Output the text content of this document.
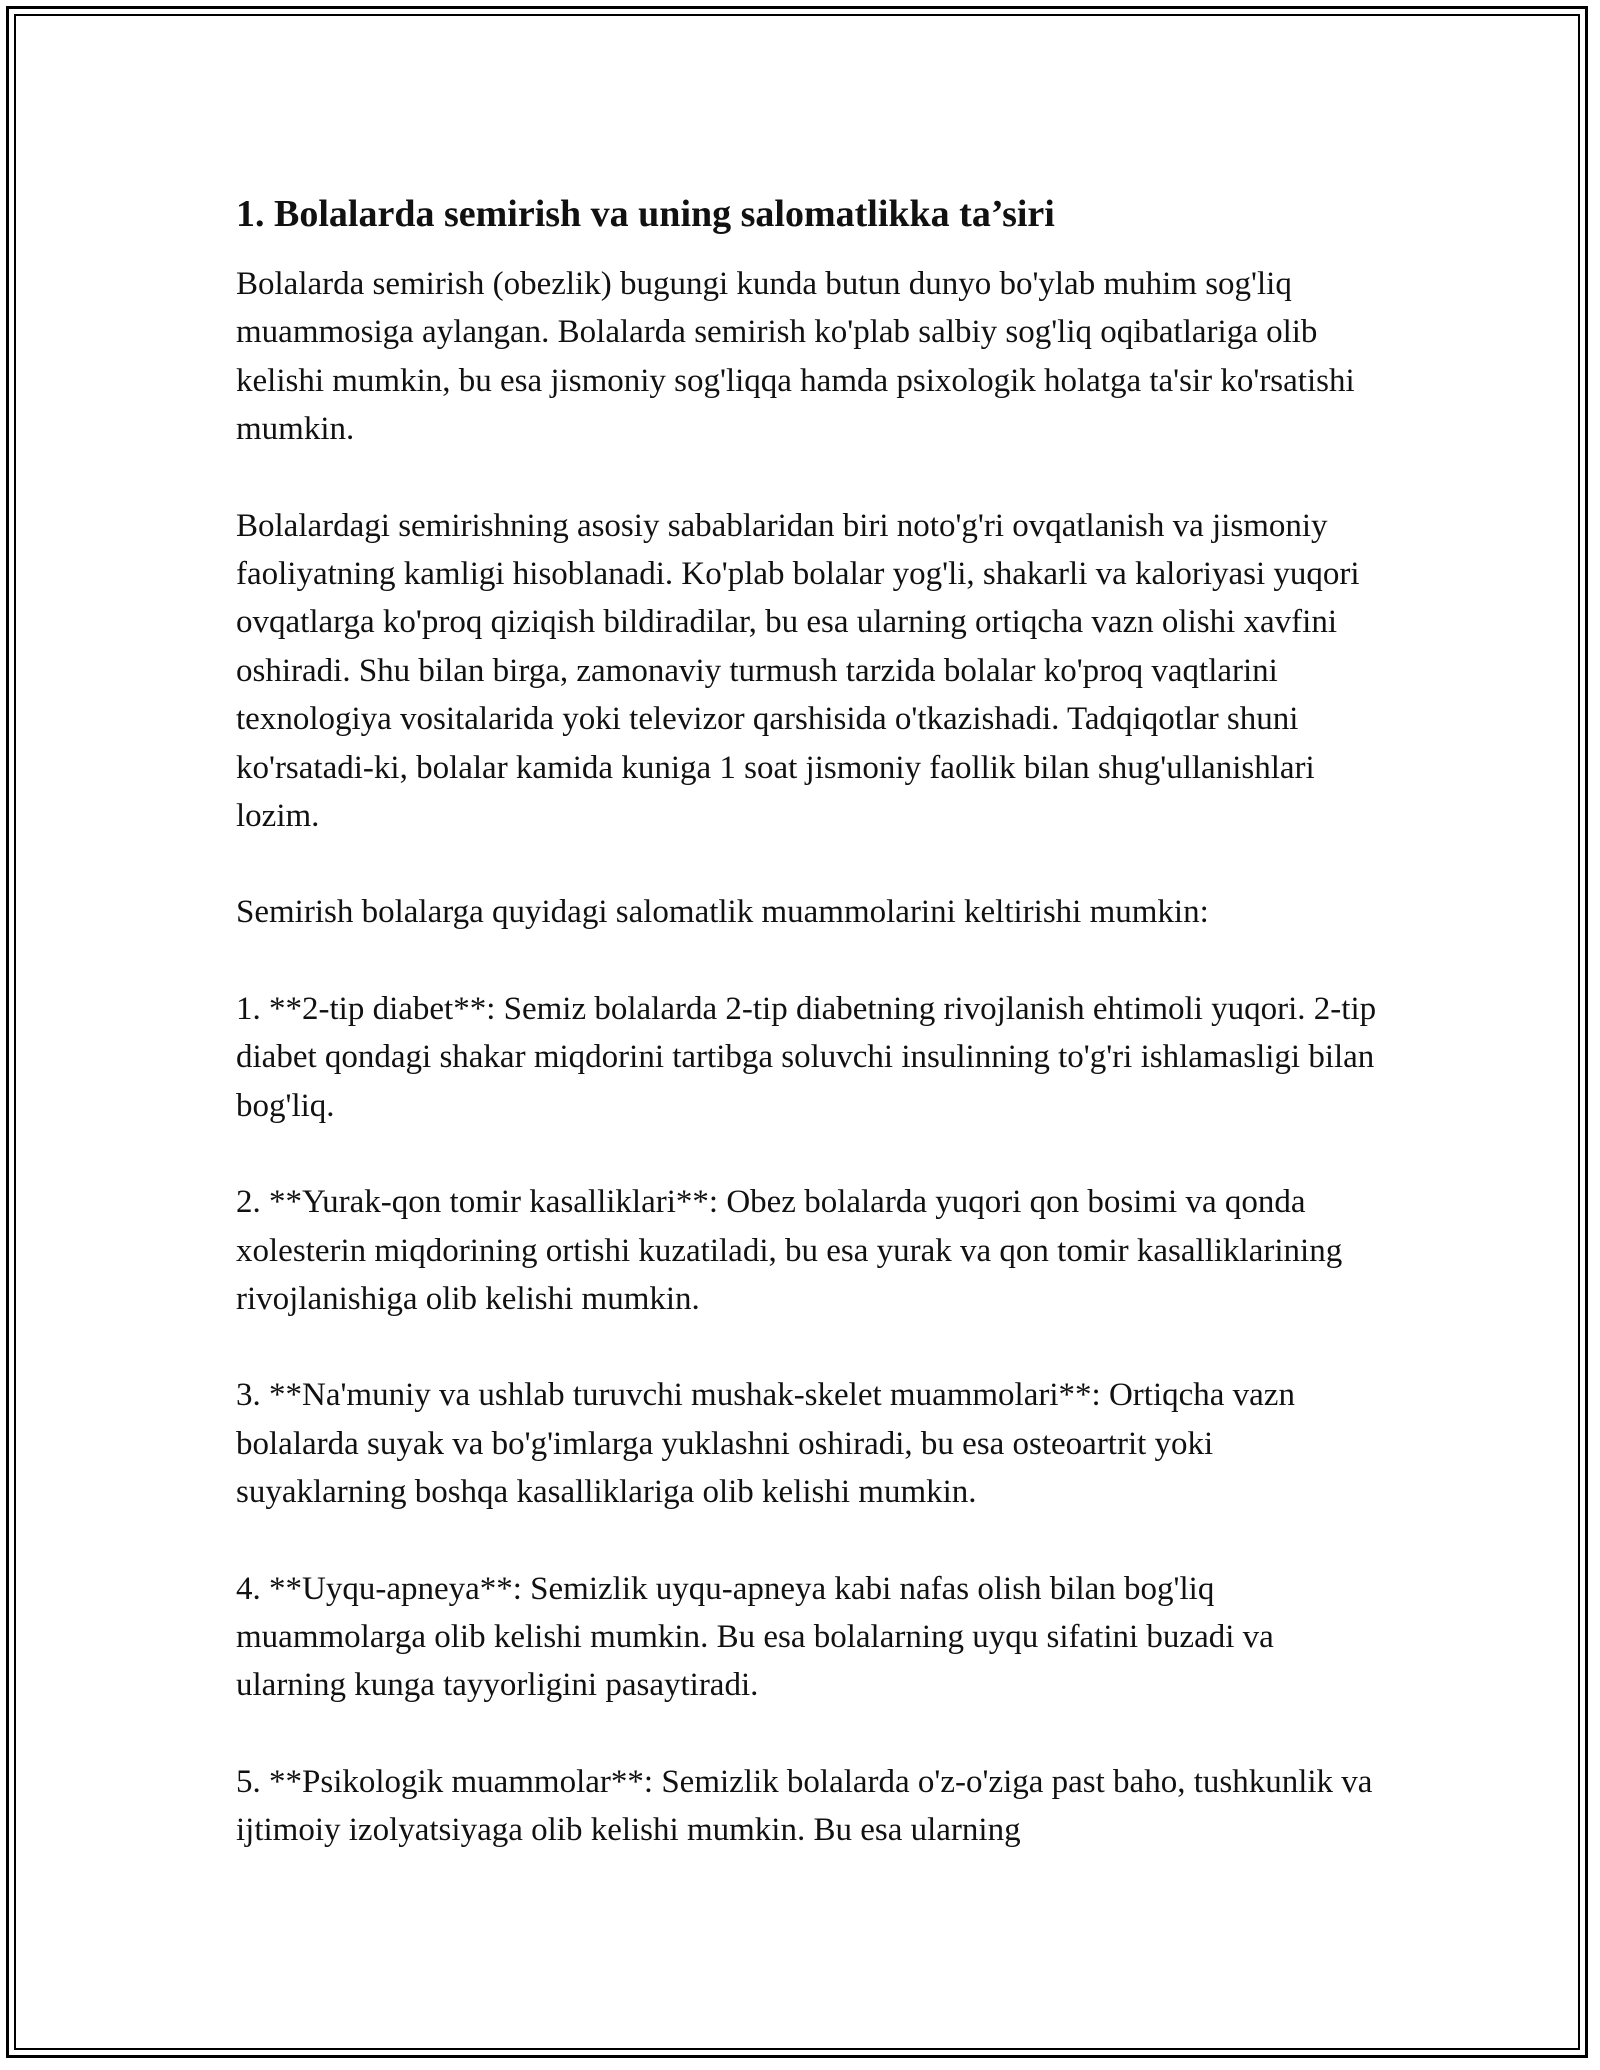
1. Bolalarda semirish va uning salomatlikka ta’siri

Bolalarda semirish (obezlik) bugungi kunda butun dunyo bo'ylab muhim sog'liq muammosiga aylangan. Bolalarda semirish ko'plab salbiy sog'liq oqibatlariga olib kelishi mumkin, bu esa jismoniy sog'liqqa hamda psixologik holatga ta'sir ko'rsatishi mumkin.

Bolalardagi semirishning asosiy sabablaridan biri noto'g'ri ovqatlanish va jismoniy faoliyatning kamligi hisoblanadi. Ko'plab bolalar yog'li, shakarli va kaloriyasi yuqori ovqatlarga ko'proq qiziqish bildiradilar, bu esa ularning ortiqcha vazn olishi xavfini oshiradi. Shu bilan birga, zamonaviy turmush tarzida bolalar ko'proq vaqtlarini texnologiya vositalarida yoki televizor qarshisida o'tkazishadi. Tadqiqotlar shuni ko'rsatadi-ki, bolalar kamida kuniga 1 soat jismoniy faollik bilan shug'ullanishlari lozim.

Semirish bolalarga quyidagi salomatlik muammolarini keltirishi mumkin:

1. **2-tip diabet**: Semiz bolalarda 2-tip diabetning rivojlanish ehtimoli yuqori. 2-tip diabet qondagi shakar miqdorini tartibga soluvchi insulinning to'g'ri ishlamasligi bilan bog'liq.

2. **Yurak-qon tomir kasalliklari**: Obez bolalarda yuqori qon bosimi va qonda xolesterin miqdorining ortishi kuzatiladi, bu esa yurak va qon tomir kasalliklarining rivojlanishiga olib kelishi mumkin.

3. **Na'muniy va ushlab turuvchi mushak-skelet muammolari**: Ortiqcha vazn bolalarda suyak va bo'g'imlarga yuklashni oshiradi, bu esa osteoartrit yoki suyaklarning boshqa kasalliklariga olib kelishi mumkin.

4. **Uyqu-apneya**: Semizlik uyqu-apneya kabi nafas olish bilan bog'liq muammolarga olib kelishi mumkin. Bu esa bolalarning uyqu sifatini buzadi va ularning kunga tayyorligini pasaytiradi.

5. **Psikologik muammolar**: Semizlik bolalarda o'z-o'ziga past baho, tushkunlik va ijtimoiy izolyatsiyaga olib kelishi mumkin. Bu esa ularning
